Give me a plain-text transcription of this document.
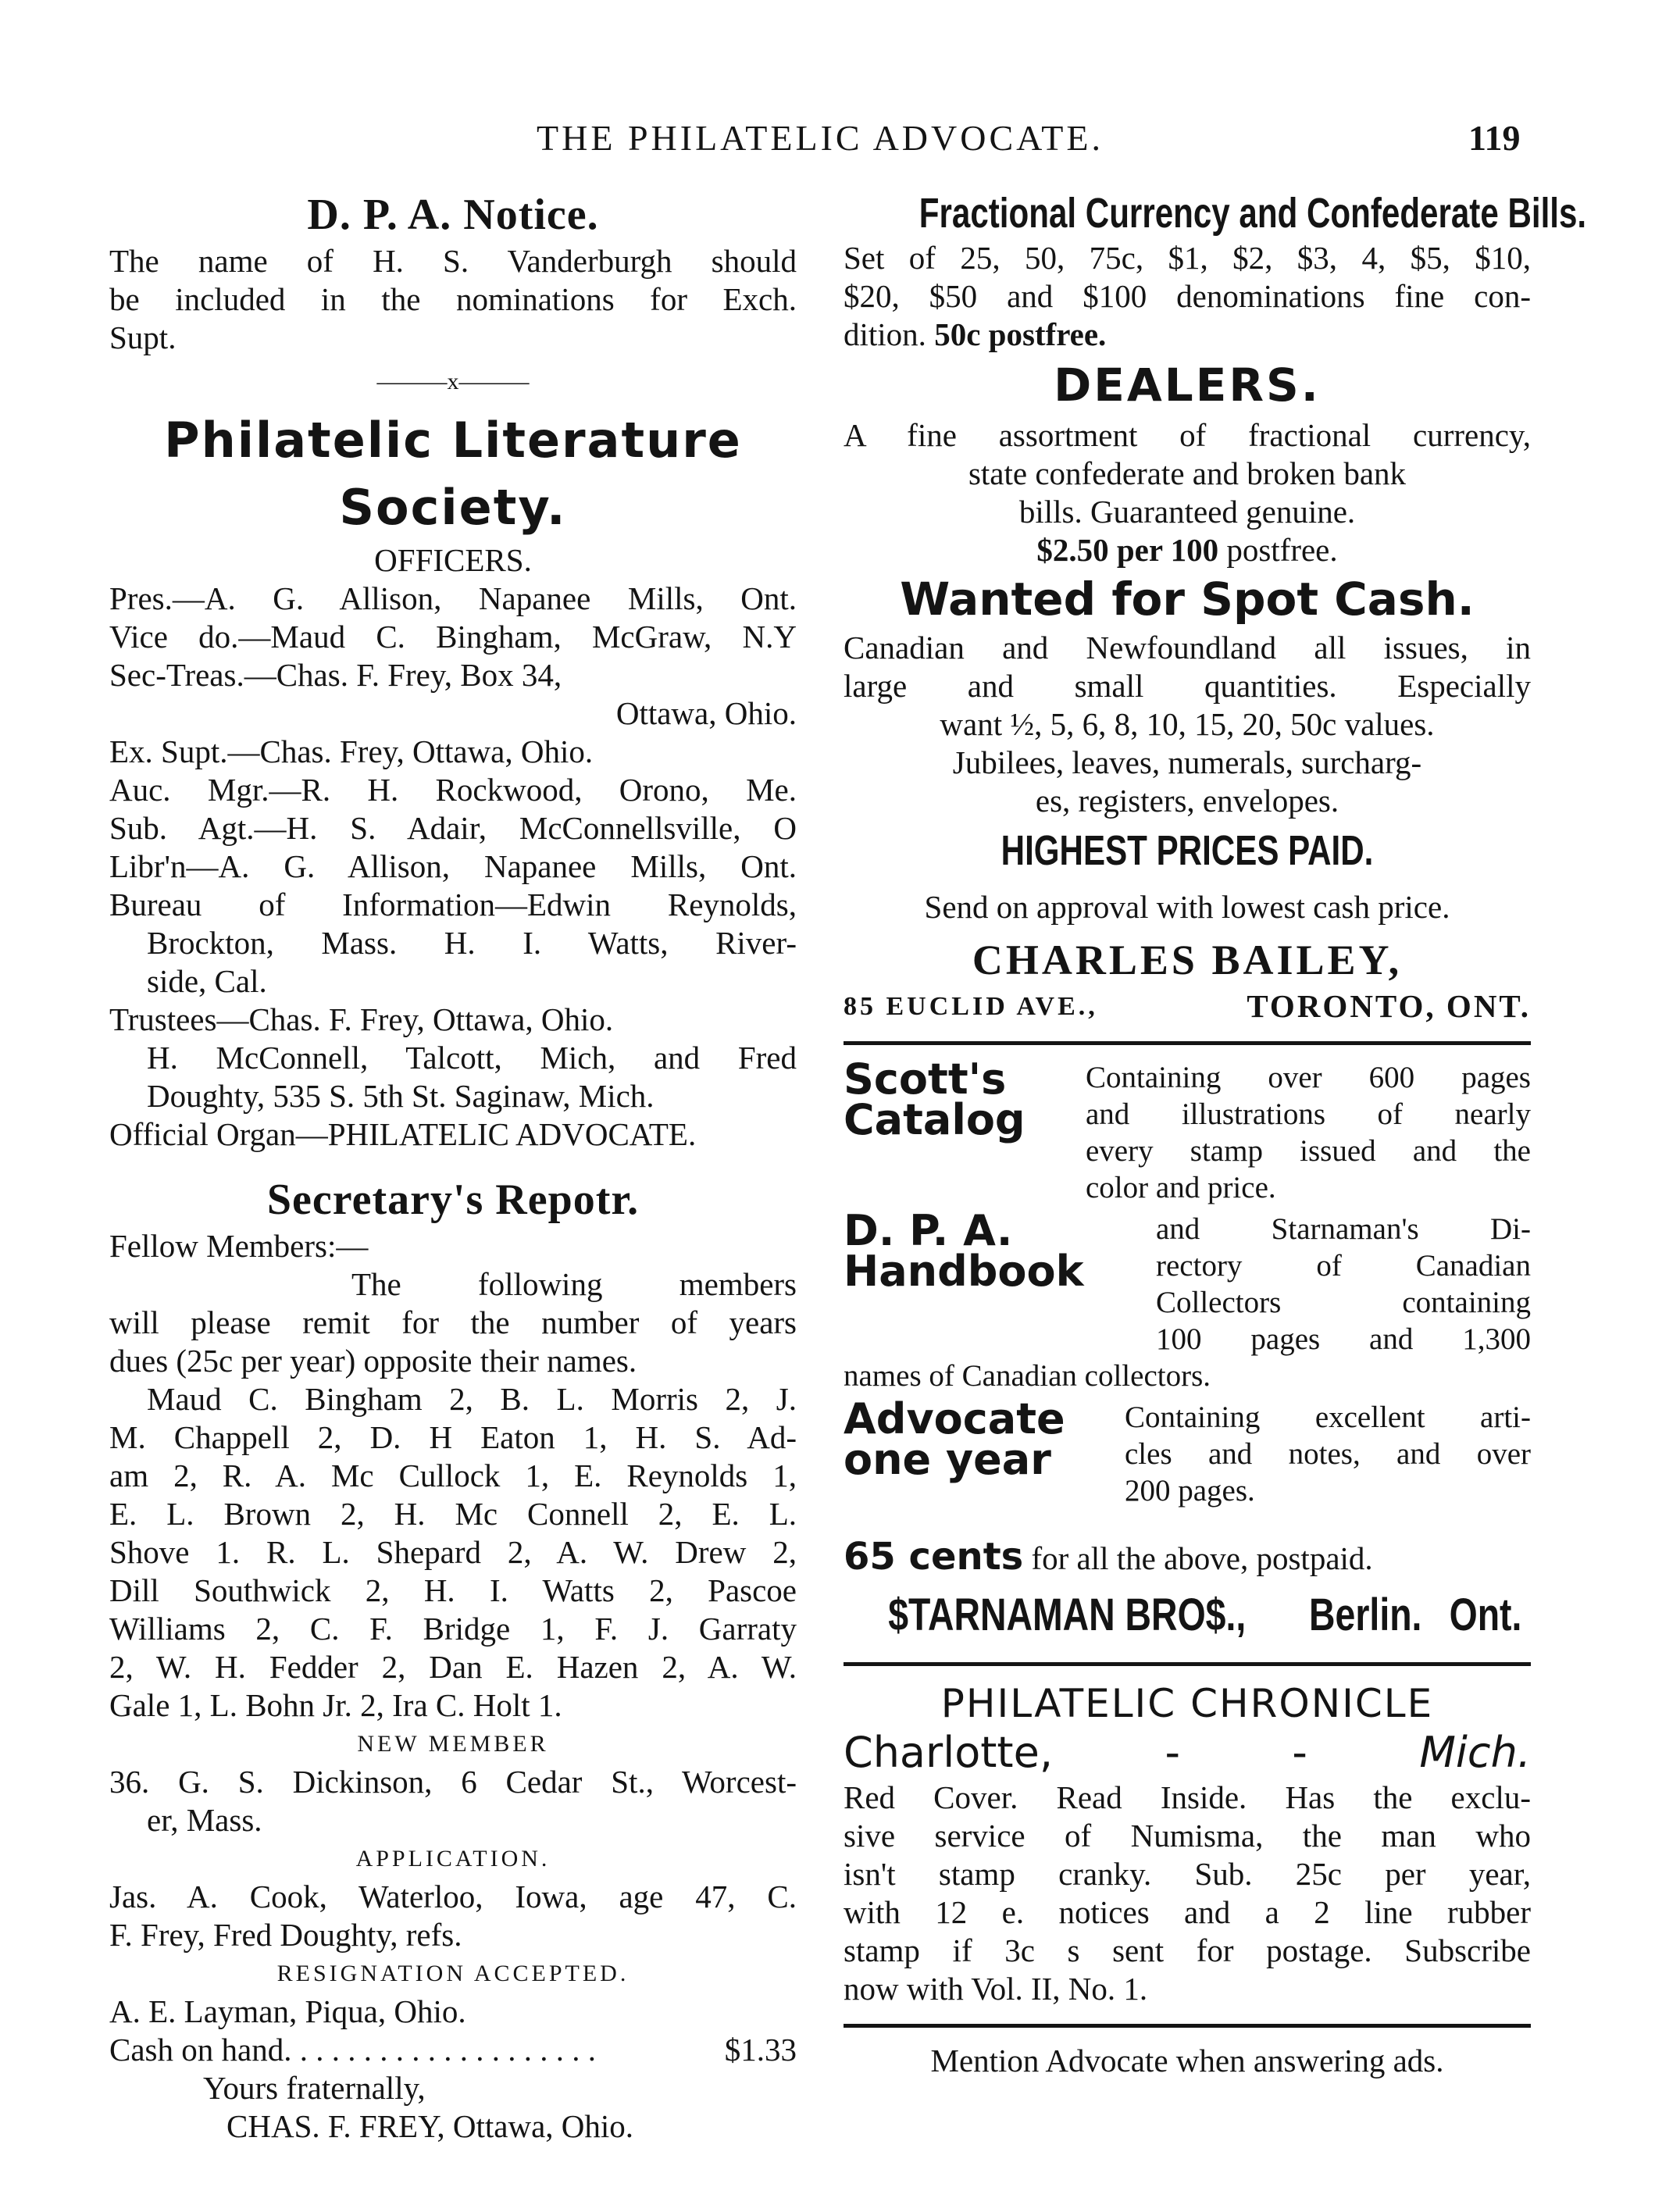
THE PHILATELIC ADVOCATE.	119
D. P. A. Notice.
The name of H. S. Vanderburgh should
be included in the nominations for Exch.
Supt.
———x———
Philatelic Literature
Society.
OFFICERS.
Pres.—A. G. Allison, Napanee Mills, Ont.
Vice do.—Maud C. Bingham, McGraw, N.Y
Sec-Treas.—Chas. F. Frey, Box 34,
Ottawa, Ohio.
Ex. Supt.—Chas. Frey, Ottawa, Ohio.
Auc. Mgr.—R. H. Rockwood, Orono, Me.
Sub. Agt.—H. S. Adair, McConnellsville, O
Libr'n—A. G. Allison, Napanee Mills, Ont.
Bureau of Information—Edwin Reynolds,
Brockton, Mass. H. I. Watts, River-
side, Cal.
Trustees—Chas. F. Frey, Ottawa, Ohio.
H. McConnell, Talcott, Mich, and Fred
Doughty, 535 S. 5th St. Saginaw, Mich.
Official Organ—PHILATELIC ADVOCATE.
Secretary's Repotr.
Fellow Members:—
The following members
will please remit for the number of years
dues (25c per year) opposite their names.
Maud C. Bingham 2, B. L. Morris 2, J.
M. Chappell 2, D. H Eaton 1, H. S. Ad-
am 2, R. A. Mc Cullock 1, E. Reynolds 1,
E. L. Brown 2, H. Mc Connell 2, E. L.
Shove 1. R. L. Shepard 2, A. W. Drew 2,
Dill Southwick 2, H. I. Watts 2, Pascoe
Williams 2, C. F. Bridge 1, F. J. Garraty
2, W. H. Fedder 2, Dan E. Hazen 2, A. W.
Gale 1, L. Bohn Jr. 2, Ira C. Holt 1.
NEW MEMBER
36. G. S. Dickinson, 6 Cedar St., Worcest-
er, Mass.
APPLICATION.
Jas. A. Cook, Waterloo, Iowa, age 47, C.
F. Frey, Fred Doughty, refs.
RESIGNATION ACCEPTED.
A. E. Layman, Piqua, Ohio.
Cash on hand. . . . . . . . . . . . . . . . . . . .	$1.33
Yours fraternally,
CHAS. F. FREY, Ottawa, Ohio.
Fractional Currency and Confederate Bills.
Set of 25, 50, 75c, $1, $2, $3, 4, $5, $10,
$20, $50 and $100 denominations fine con-
dition. 50c postfree.
DEALERS.
A fine assortment of fractional currency,
state confederate and broken bank
bills. Guaranteed genuine.
$2.50 per 100 postfree.
Wanted for Spot Cash.
Canadian and Newfoundland all issues, in
large and small quantities. Especially
want ½, 5, 6, 8, 10, 15, 20, 50c values.
Jubilees, leaves, numerals, surcharg-
es, registers, envelopes.
HIGHEST PRICES PAID.
Send on approval with lowest cash price.
CHARLES BAILEY,
85 EUCLID AVE.,	TORONTO, ONT.
Scott's
Catalog
Containing over 600 pages
and illustrations of nearly
every stamp issued and the
color and price.
D. P. A.
Handbook
and Starnaman's Di-
rectory of Canadian
Collectors containing
100 pages and 1,300
names of Canadian collectors.
Advocate
one year
Containing excellent arti-
cles and notes, and over
200 pages.
65 cents for all the above, postpaid.
$TARNAMAN BRO$., Berlin. Ont.
PHILATELIC CHRONICLE
Charlotte,	-	-	Mich.
Red Cover. Read Inside. Has the exclu-
sive service of Numisma, the man who
isn't stamp cranky. Sub. 25c per year,
with 12 e. notices and a 2 line rubber
stamp if 3c s sent for postage. Subscribe
now with Vol. II, No. 1.
Mention Advocate when answering ads.
